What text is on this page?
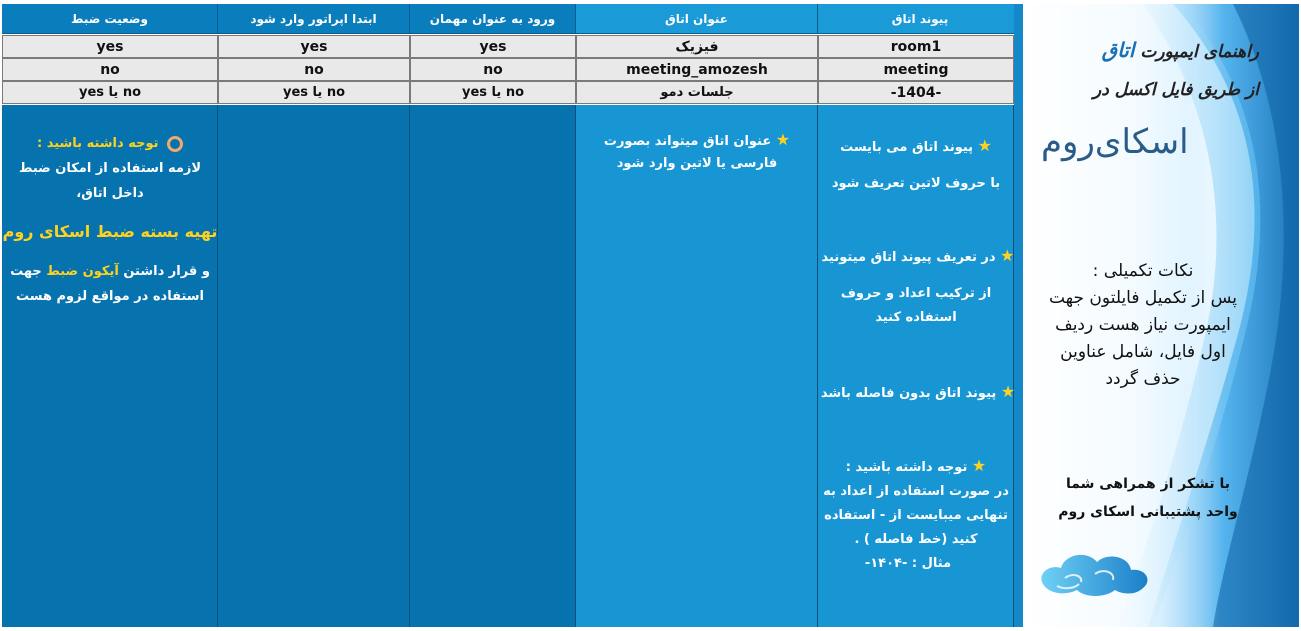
وضعیت ضبط	ابتدا اپراتور وارد شود	ورود به عنوان مهمان	عنوان اتاق	پیوند اتاق
yes	yes	yes	فیزیک	room1
no	no	no	meeting_amozesh	meeting
yes یا no	yes یا no	yes یا no	جلسات دمو	-1404-
★ پیوند اتاق می بایست
با حروف لاتین تعریف شود
★ در تعریف پیوند اتاق میتونید
از ترکیب اعداد و حروف
استفاده کنید
★ پیوند اتاق بدون فاصله باشد
★ توجه داشته باشید :
در صورت استفاده از اعداد به
تنهایی میبایست از - استفاده
کنید (خط فاصله ) .
مثال : -۱۴۰۴-
★ عنوان اتاق میتواند بصورت
فارسی یا لاتین وارد شود
توجه داشته باشید :
لازمه استفاده از امکان ضبط
داخل اتاق،
تهیه بسته ضبط اسکای روم
و قرار داشتن آیکون ضبط جهت
استفاده در مواقع لزوم هست
راهنمای ایمپورت اتاق
از طریق فایل اکسل در
اسکای‌روم
نکات تکمیلی :
پس از تکمیل فایلتون جهت
ایمپورت نیاز هست ردیف
اول فایل، شامل عناوین
حذف گردد
با تشکر از همراهی شما
واحد پشتیبانی اسکای روم
